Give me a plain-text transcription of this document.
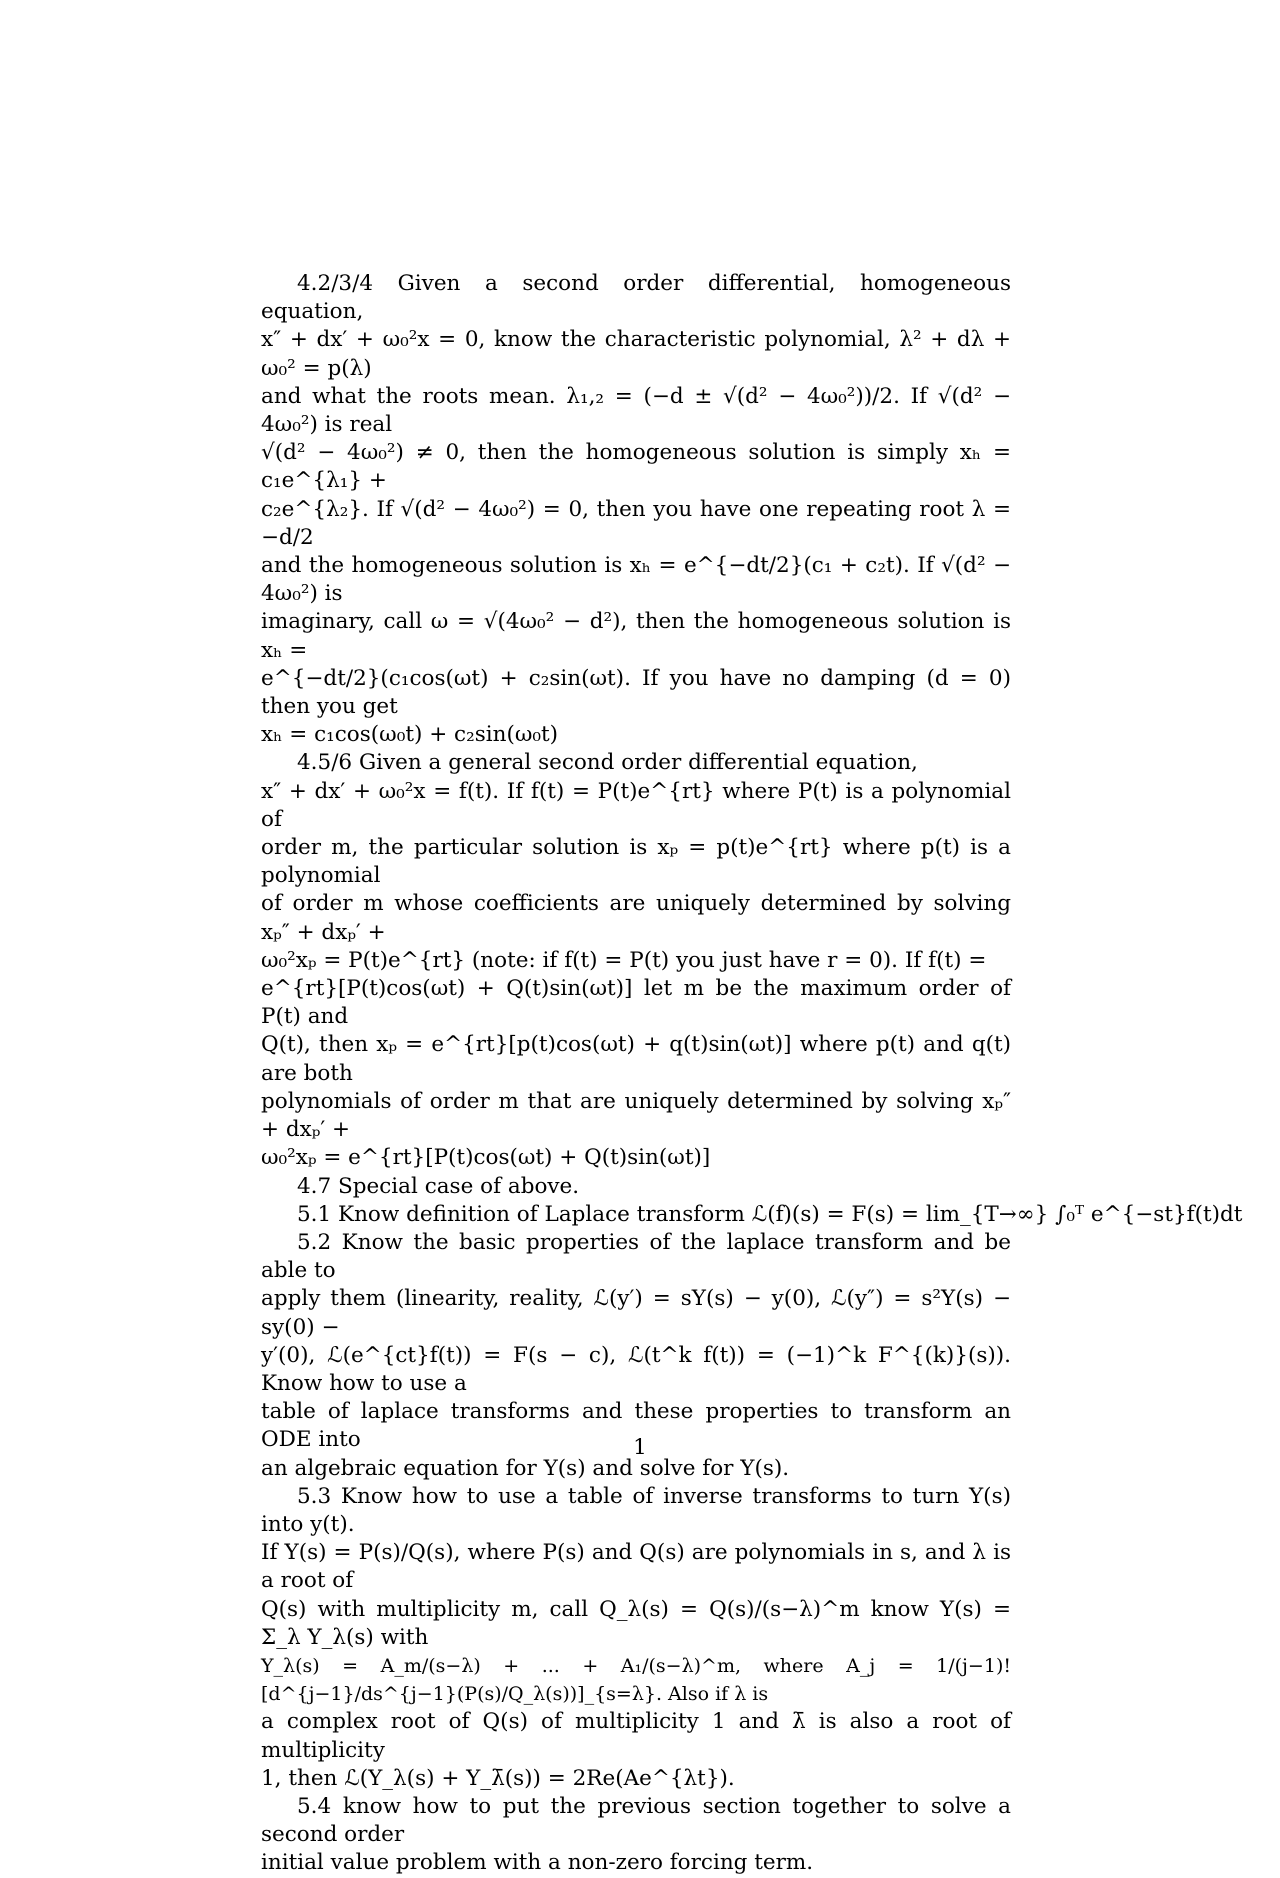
4.2/3/4 Given a second order differential, homogeneous equation,
x″ + dx′ + ω₀²x = 0, know the characteristic polynomial, λ² + dλ + ω₀² = p(λ)
and what the roots mean. λ₁,₂ = (−d ± √(d² − 4ω₀²))/2. If √(d² − 4ω₀²) is real
√(d² − 4ω₀²) ≠ 0, then the homogeneous solution is simply xₕ = c₁e^{λ₁} +
c₂e^{λ₂}. If √(d² − 4ω₀²) = 0, then you have one repeating root λ = −d/2
and the homogeneous solution is xₕ = e^{−dt/2}(c₁ + c₂t). If √(d² − 4ω₀²) is
imaginary, call ω = √(4ω₀² − d²), then the homogeneous solution is xₕ =
e^{−dt/2}(c₁cos(ωt) + c₂sin(ωt). If you have no damping (d = 0) then you get
xₕ = c₁cos(ω₀t) + c₂sin(ω₀t)

4.5/6 Given a general second order differential equation,
x″ + dx′ + ω₀²x = f(t). If f(t) = P(t)e^{rt} where P(t) is a polynomial of
order m, the particular solution is xₚ = p(t)e^{rt} where p(t) is a polynomial
of order m whose coefficients are uniquely determined by solving xₚ″ + dxₚ′ +
ω₀²xₚ = P(t)e^{rt} (note: if f(t) = P(t) you just have r = 0). If f(t) =
e^{rt}[P(t)cos(ωt) + Q(t)sin(ωt)] let m be the maximum order of P(t) and
Q(t), then xₚ = e^{rt}[p(t)cos(ωt) + q(t)sin(ωt)] where p(t) and q(t) are both
polynomials of order m that are uniquely determined by solving xₚ″ + dxₚ′ +
ω₀²xₚ = e^{rt}[P(t)cos(ωt) + Q(t)sin(ωt)]

4.7 Special case of above.

5.1 Know definition of Laplace transform ℒ(f)(s) = F(s) = lim_{T→∞} ∫₀ᵀ e^{−st}f(t)dt

5.2 Know the basic properties of the laplace transform and be able to
apply them (linearity, reality, ℒ(y′) = sY(s) − y(0), ℒ(y″) = s²Y(s) − sy(0) −
y′(0), ℒ(e^{ct}f(t)) = F(s − c), ℒ(t^k f(t)) = (−1)^k F^{(k)}(s)). Know how to use a
table of laplace transforms and these properties to transform an ODE into
an algebraic equation for Y(s) and solve for Y(s).

5.3 Know how to use a table of inverse transforms to turn Y(s) into y(t).
If Y(s) = P(s)/Q(s), where P(s) and Q(s) are polynomials in s, and λ is a root of
Q(s) with multiplicity m, call Q_λ(s) = Q(s)/(s−λ)^m know Y(s) = Σ_λ Y_λ(s) with
Y_λ(s) = A_m/(s−λ) + ... + A₁/(s−λ)^m, where A_j = 1/(j−1)! [d^{j−1}/ds^{j−1}(P(s)/Q_λ(s))]_{s=λ}. Also if λ is
a complex root of Q(s) of multiplicity 1 and λ̄ is also a root of multiplicity
1, then ℒ(Y_λ(s) + Y_λ̄(s)) = 2Re(Ae^{λt}).

5.4 know how to put the previous section together to solve a second order
initial value problem with a non-zero forcing term.

1
